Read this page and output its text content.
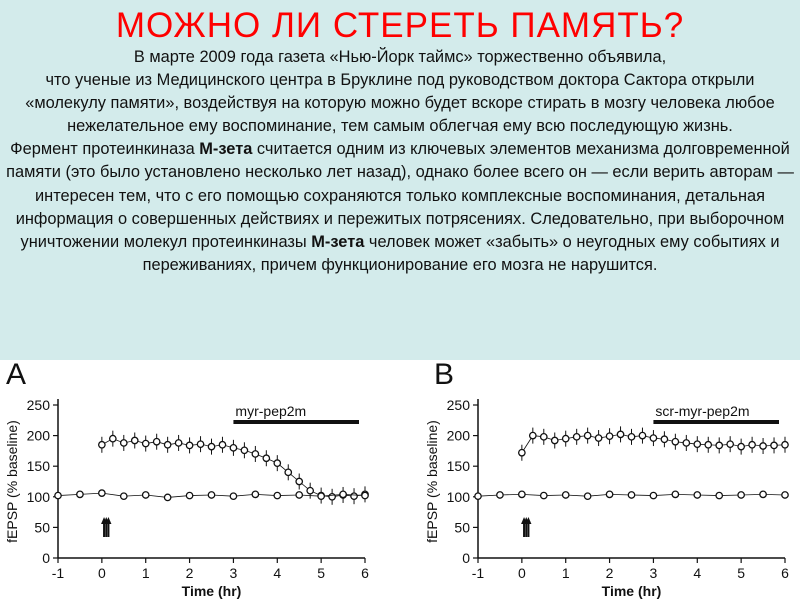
МОЖНО ЛИ СТЕРЕТЬ ПАМЯТЬ?

В марте 2009 года газета «Нью-Йорк таймс» торжественно объявила,
что ученые из Медицинского центра в Бруклине под руководством доктора Сактора открыли «молекулу памяти», воздействуя на которую можно будет вскоре стирать в мозгу человека любое нежелательное ему воспоминание, тем самым облегчая ему всю последующую жизнь.

Фермент протеинкиназа М-зета считается одним из ключевых элементов механизма долговременной памяти (это было установлено несколько лет назад), однако более всего он — если верить авторам — интересен тем, что с его помощью сохраняются только комплексные воспоминания, детальная информация о совершенных действиях и пережитых потрясениях. Следовательно, при выборочном уничтожении молекул протеинкиназы M-зета человек может «забыть» о неугодных ему событиях и переживаниях, причем функционирование его мозга не нарушится.

A	B
0
50
100
150
200
250
-1 0	1	2	3	4	5	6
Time (hr)
fEPSP (% baseline)
myr-pep2m
0
50
100
150
200
250
-1 0	1	2	3	4	5	6
Time (hr)
fEPSP (% baseline)
scr-myr-pep2m
